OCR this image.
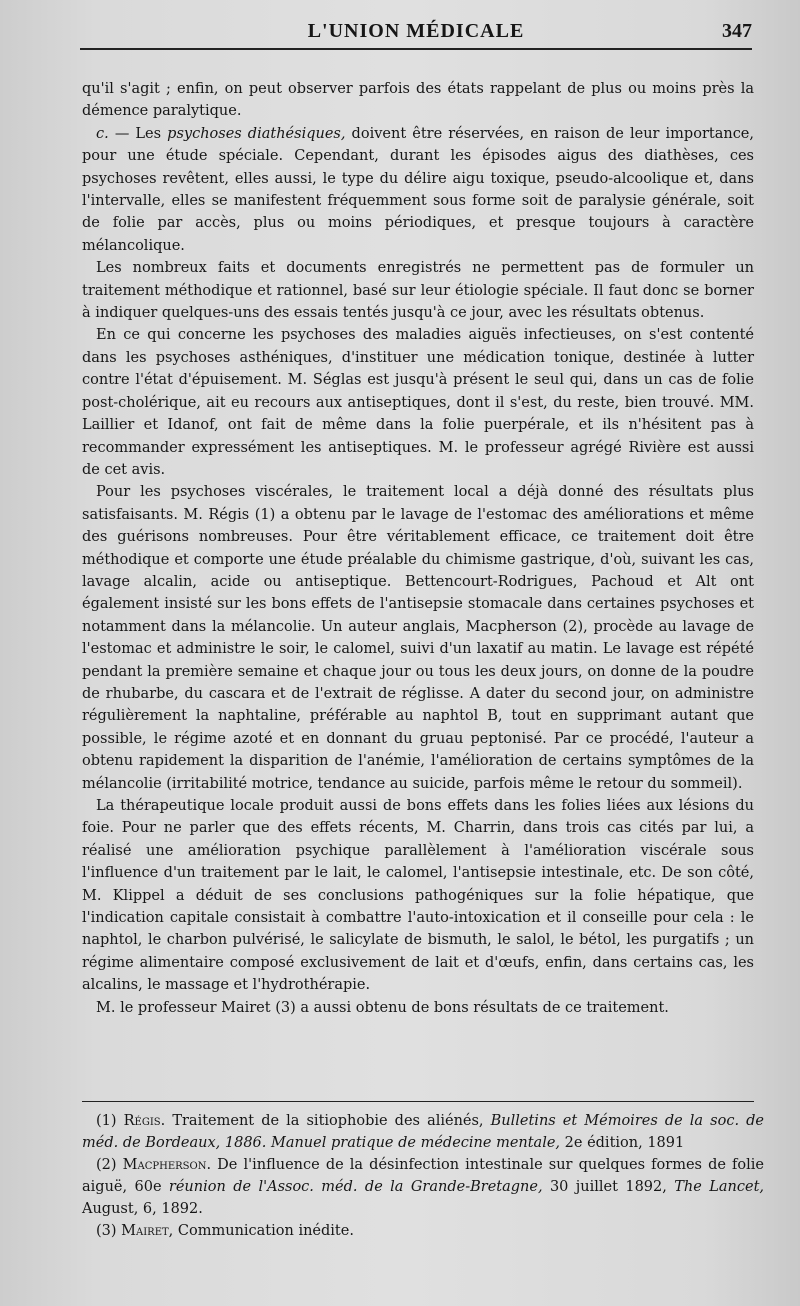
L'UNION MÉDICALE	347

qu'il s'agit ; enfin, on peut observer parfois des états rappelant de plus ou moins près la démence paralytique.

c. — Les psychoses diathésiques, doivent être réservées, en raison de leur importance, pour une étude spéciale. Cependant, durant les épisodes aigus des diathèses, ces psychoses revêtent, elles aussi, le type du délire aigu toxique, pseudo-alcoolique et, dans l'intervalle, elles se manifestent fréquemment sous forme soit de paralysie générale, soit de folie par accès, plus ou moins périodiques, et presque toujours à caractère mélancolique.

Les nombreux faits et documents enregistrés ne permettent pas de formuler un traitement méthodique et rationnel, basé sur leur étiologie spéciale. Il faut donc se borner à indiquer quelques-uns des essais tentés jusqu'à ce jour, avec les résultats obtenus.

En ce qui concerne les psychoses des maladies aiguës infectieuses, on s'est contenté dans les psychoses asthéniques, d'instituer une médication tonique, destinée à lutter contre l'état d'épuisement. M. Séglas est jusqu'à présent le seul qui, dans un cas de folie post-cholérique, ait eu recours aux antiseptiques, dont il s'est, du reste, bien trouvé. MM. Laillier et Idanof, ont fait de même dans la folie puerpérale, et ils n'hésitent pas à recommander expressément les antiseptiques. M. le professeur agrégé Rivière est aussi de cet avis.

Pour les psychoses viscérales, le traitement local a déjà donné des résultats plus satisfaisants. M. Régis (1) a obtenu par le lavage de l'estomac des améliorations et même des guérisons nombreuses. Pour être véritablement efficace, ce traitement doit être méthodique et comporte une étude préalable du chimisme gastrique, d'où, suivant les cas, lavage alcalin, acide ou antiseptique. Bettencourt-Rodrigues, Pachoud et Alt ont également insisté sur les bons effets de l'antisepsie stomacale dans certaines psychoses et notamment dans la mélancolie. Un auteur anglais, Macpherson (2), procède au lavage de l'estomac et administre le soir, le calomel, suivi d'un laxatif au matin. Le lavage est répété pendant la première semaine et chaque jour ou tous les deux jours, on donne de la poudre de rhubarbe, du cascara et de l'extrait de réglisse. A dater du second jour, on administre régulièrement la naphtaline, préférable au naphtol B, tout en supprimant autant que possible, le régime azoté et en donnant du gruau peptonisé. Par ce procédé, l'auteur a obtenu rapidement la disparition de l'anémie, l'amélioration de certains symptômes de la mélancolie (irritabilité motrice, tendance au suicide, parfois même le retour du sommeil).

La thérapeutique locale produit aussi de bons effets dans les folies liées aux lésions du foie. Pour ne parler que des effets récents, M. Charrin, dans trois cas cités par lui, a réalisé une amélioration psychique parallèlement à l'amélioration viscérale sous l'influence d'un traitement par le lait, le calomel, l'antisepsie intestinale, etc. De son côté, M. Klippel a déduit de ses conclusions pathogéniques sur la folie hépatique, que l'indication capitale consistait à combattre l'auto-intoxication et il conseille pour cela : le naphtol, le charbon pulvérisé, le salicylate de bismuth, le salol, le bétol, les purgatifs ; un régime alimentaire composé exclusivement de lait et d'œufs, enfin, dans certains cas, les alcalins, le massage et l'hydrothérapie.

M. le professeur Mairet (3) a aussi obtenu de bons résultats de ce traitement.

(1) Régis. Traitement de la sitiophobie des aliénés, Bulletins et Mémoires de la soc. de méd. de Bordeaux, 1886. Manuel pratique de médecine mentale, 2e édition, 1891

(2) Macpherson. De l'influence de la désinfection intestinale sur quelques formes de folie aiguë, 60e réunion de l'Assoc. méd. de la Grande-Bretagne, 30 juillet 1892, The Lancet, August, 6, 1892.

(3) Mairet, Communication inédite.
